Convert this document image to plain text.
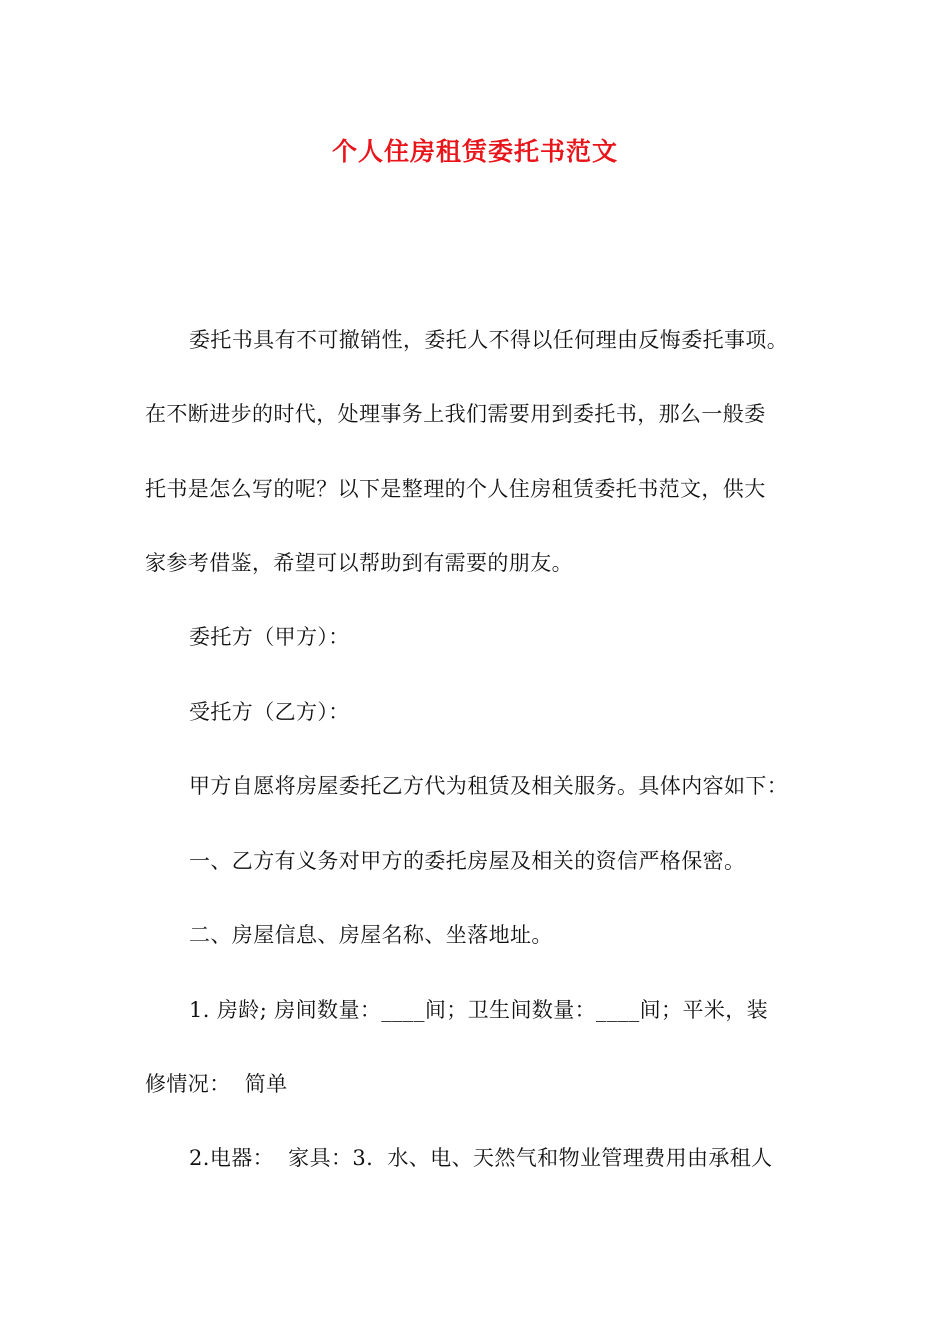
个人住房租赁委托书范文
委托书具有不可撤销性，委托人不得以任何理由反悔委托事项。
在不断进步的时代，处理事务上我们需要用到委托书，那么一般委
托书是怎么写的呢？以下是整理的个人住房租赁委托书范文，供大
家参考借鉴，希望可以帮助到有需要的朋友。
委托方（甲方）：
受托方（乙方）：
甲方自愿将房屋委托乙方代为租赁及相关服务。具体内容如下：
一、乙方有义务对甲方的委托房屋及相关的资信严格保密。
二、房屋信息、房屋名称、坐落地址。
1. 房龄; 房间数量：____间；卫生间数量：____间；平米，装
修情况：  简单
2.电器：  家具：3.  水、电、天然气和物业管理费用由承租人
